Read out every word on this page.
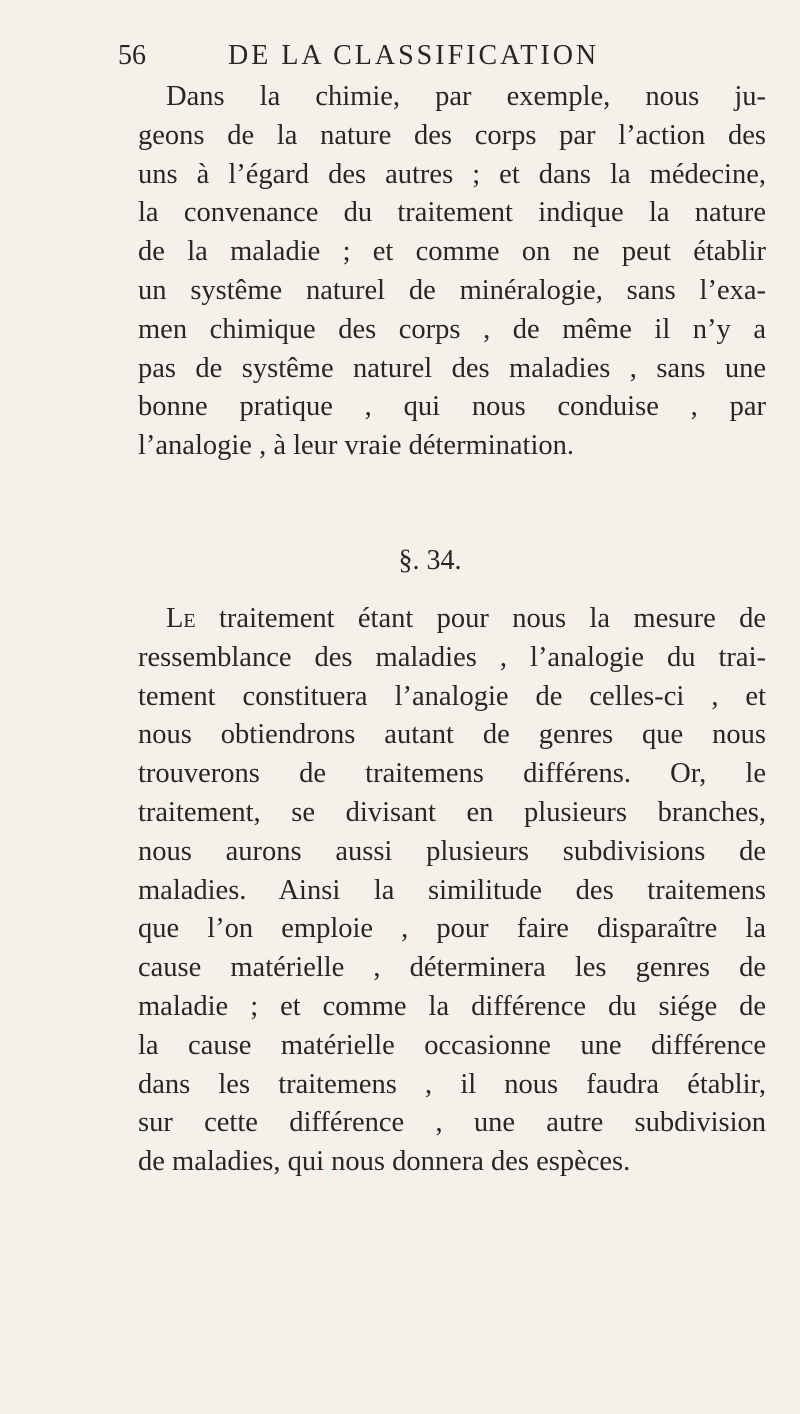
56	DE LA CLASSIFICATION
Dans la chimie, par exemple, nous ju-
geons de la nature des corps par l’action des
uns à l’égard des autres ; et dans la médecine,
la convenance du traitement indique la nature
de la maladie ; et comme on ne peut établir
un systême naturel de minéralogie, sans l’exa-
men chimique des corps , de même il n’y a
pas de systême naturel des maladies , sans une
bonne pratique , qui nous conduise , par
l’analogie , à leur vraie détermination.
§. 34.
Le traitement étant pour nous la mesure de
ressemblance des maladies , l’analogie du trai-
tement constituera l’analogie de celles-ci , et
nous obtiendrons autant de genres que nous
trouverons de traitemens différens. Or, le
traitement, se divisant en plusieurs branches,
nous aurons aussi plusieurs subdivisions de
maladies. Ainsi la similitude des traitemens
que l’on emploie , pour faire disparaître la
cause matérielle , déterminera les genres de
maladie ; et comme la différence du siége de
la cause matérielle occasionne une différence
dans les traitemens , il nous faudra établir,
sur cette différence , une autre subdivision
de maladies, qui nous donnera des espèces.
